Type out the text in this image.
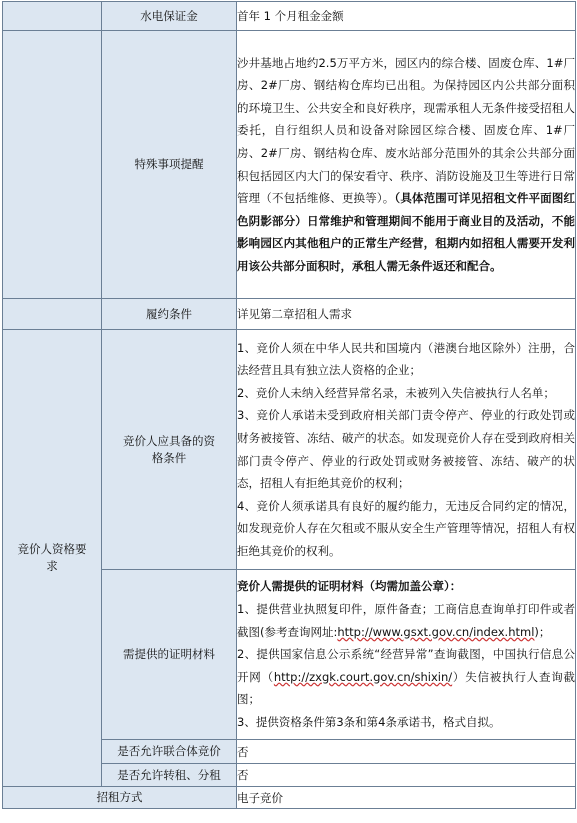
	水电保证金	首年 1 个月租金金额
	特殊事项提醒	沙井基地占地约2.5万平方米，园区内的综合楼、固废仓库、1#厂房、2#厂房、钢结构仓库均已出租。为保持园区内公共部分面积的环境卫生、公共安全和良好秩序，现需承租人无条件接受招租人委托，自行组织人员和设备对除园区综合楼、固废仓库、1#厂房、2#厂房、钢结构仓库、废水站部分范围外的其余公共部分面积包括园区内大门的保安看守、秩序、消防设施及卫生等进行日常管理（不包括维修、更换等）。（具体范围可详见招租文件平面图红色阴影部分）日常维护和管理期间不能用于商业目的及活动，不能影响园区内其他租户的正常生产经营，租期内如招租人需要开发利用该公共部分面积时，承租人需无条件返还和配合。

	履约条件	详见第二章招租人需求
竞价人资格要求	竞价人应具备的资格条件	1、竞价人须在中华人民共和国境内（港澳台地区除外）注册，合法经营且具有独立法人资格的企业；

2、竞价人未纳入经营异常名录，未被列入失信被执行人名单；

3、竞价人承诺未受到政府相关部门责令停产、停业的行政处罚或财务被接管、冻结、破产的状态。如发现竞价人存在受到政府相关部门责令停产、停业的行政处罚或财务被接管、冻结、破产的状态，招租人有拒绝其竞价的权利；

4、竞价人须承诺具有良好的履约能力，无违反合同约定的情况，如发现竞价人存在欠租或不服从安全生产管理等情况，招租人有权拒绝其竞价的权利。

	需提供的证明材料	竞价人需提供的证明材料（均需加盖公章）：

1、提供营业执照复印件，原件备查；工商信息查询单打印件或者截图(参考查询网址:http://www.gsxt.gov.cn/index.html)；

2、提供国家信息公示系统“经营异常”查询截图，中国执行信息公开网（http://zxgk.court.gov.cn/shixin/）失信被执行人查询截图；

3、提供资格条件第3条和第4条承诺书，格式自拟。

	是否允许联合体竞价	否
	是否允许转租、分租	否
招租方式		电子竞价
